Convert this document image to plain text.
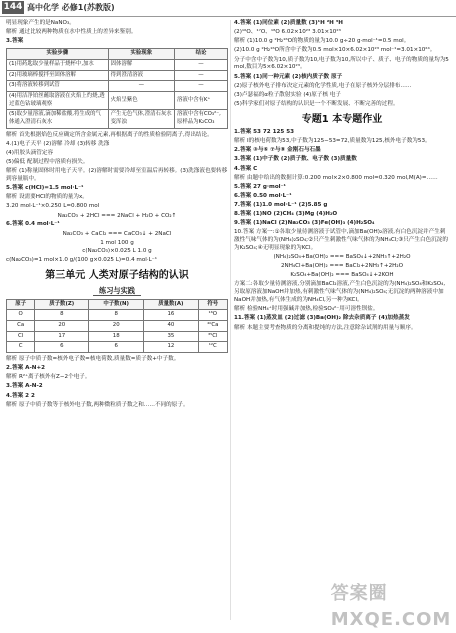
144 高中化学 必修1(苏教版)

明显现象产生的是NaNO₃。

解析 通过比较两种物质在水中性质上的差异来鉴别。

3.答案

实验步骤	实验现象	结论
(1)用药匙取少量样品于烧杯中,加水	固体溶解	—
(2)用玻璃棒搅拌至固体溶解	得到澄清溶液	—
(3)将溶液转移到试管	—	—
(4)用洁净铂丝蘸取溶液在火焰上灼烧,透过蓝色钴玻璃观察	火焰呈紫色	溶液中含有K⁺
(5)取少量溶液,滴加稀盐酸,将生成的气体通入澄清石灰水	产生无色气体,澄清石灰水变浑浊	溶液中含有CO₃²⁻,原样品为K₂CO₃

解析 首先根据焰色反应确定所含金属元素,再根据离子的性质检验阴离子,得出结论。

4.(1)电子天平 (2)溶解 冷却 (3)转移 洗涤

(4)用胶头滴管定容

(5)偏低 配制过程中溶质有损失。

解析 (1)称量固体时用电子天平。(2)溶解时需要冷却至室温后再转移。(3)洗涤液也要转移到容量瓶中。

5.答案 c(HCl)=1.5 mol·L⁻¹

解析 设需要HCl的物质的量为x。

3.20 mol·L⁻¹×0.250 L=0.800 mol

Na₂CO₃ + 2HCl === 2NaCl + H₂O + CO₂↑

6.答案 0.4 mol·L⁻¹

Na₂CO₃ + CaCl₂ === CaCO₃↓ + 2NaCl

1 mol 100 g

c(Na₂CO₃)×0.025 L 1.0 g

c(Na₂CO₃)=1 mol×1.0 g/(100 g×0.025 L)=0.4 mol·L⁻¹

第三单元 人类对原子结构的认识
练习与实践
原子	质子数(Z)	中子数(N)	质量数(A)	符号
O	8	8	16	¹⁶O
Ca	20	20	40	⁴⁰Ca
Cl	17	18	35	³⁵Cl
C	6	6	12	¹²C

解析 原子中质子数=核外电子数=核电荷数,质量数=质子数+中子数。

2.答案 A-N+2

解析 R²⁺离子核外有Z−2个电子。

3.答案 A-N-2

4.答案 2 2

解析 原子中质子数等于核外电子数,两种微粒质子数之和……不同的原子。

4.答案 (1)同位素 (2)质量数 (3)¹H ²H ³H

(2)¹⁶O、¹⁷O、¹⁸O 6.02×10²³ 3.01×10²³

解析 (1)10.0 g ²H₂¹⁶O的物质的量为10.0 g÷20 g·mol⁻¹=0.5 mol。

(2)10.0 g ²H₂¹⁶O所含中子数为0.5 mol×10×6.02×10²³ mol⁻¹=3.01×10²⁴。

分子中含中子数为10,质子数为10,电子数为10,所以中子、质子、电子的物质的量均为5 mol,数目为5×6.02×10²³。

5.答案 (1)同一种元素 (2)核内质子数 原子

(2)原子核外电子排布决定元素的化学性质,电子在原子核外分层排布……

(3)卢瑟福的α粒子散射实验 (4)原子核 电子

(5)科学家们对原子结构的认识是一个不断发展、不断完善的过程。

专题1 本专题作业

1.答案 53 72 125 53

解析 I的核电荷数为53,中子数为125−53=72,质量数为125,核外电子数为53。

2.答案 ③与⑥ ⑦与⑧ 金刚石与石墨

3.答案 (1)中子数 (2)质子数、电子数 (3)质量数

4.答案 C

解析 由题中给出的数据计算:0.200 mol×2×0.800 mol=0.320 mol,M(A)=……

5.答案 27 g·mol⁻¹

6.答案 0.50 mol·L⁻¹

7.答案 (1)1.0 mol·L⁻¹ (2)5.85 g

8.答案 (1)NO (2)CH₄ (3)Mg (4)H₂O

9.答案 (1)NaCl (2)Na₂CO₃ (3)Fe(OH)₃ (4)H₂SO₄

10.答案 方案一:①各取少量待测溶液于试管中,滴加Ba(OH)₂溶液,有白色沉淀并产生刺激性气味气体的为(NH₄)₂SO₄;②只产生刺激性气味气体的为NH₄Cl;③只产生白色沉淀的为K₂SO₄;④无明显现象的为KCl。

(NH₄)₂SO₄+Ba(OH)₂ === BaSO₄↓+2NH₃↑+2H₂O

2NH₄Cl+Ba(OH)₂ === BaCl₂+2NH₃↑+2H₂O

K₂SO₄+Ba(OH)₂ === BaSO₄↓+2KOH

方案二:各取少量待测溶液,分别滴加BaCl₂溶液,产生白色沉淀的为(NH₄)₂SO₄和K₂SO₄,另取原溶液加NaOH并加热,有刺激性气味气体的为(NH₄)₂SO₄;无沉淀的两种溶液中加NaOH并加热,有气体生成的为NH₄Cl,另一种为KCl。

解析 检验NH₄⁺时用强碱并加热,检验SO₄²⁻用可溶性钡盐。

11.答案 (1)蒸发皿 (2)过滤 (3)Ba(OH)₂ 除去杂质离子 (4)加热蒸发

解析 本题主要考查物质的分离和提纯的方法,注意除杂试剂的用量与顺序。

答案圈 MXQE.COM
